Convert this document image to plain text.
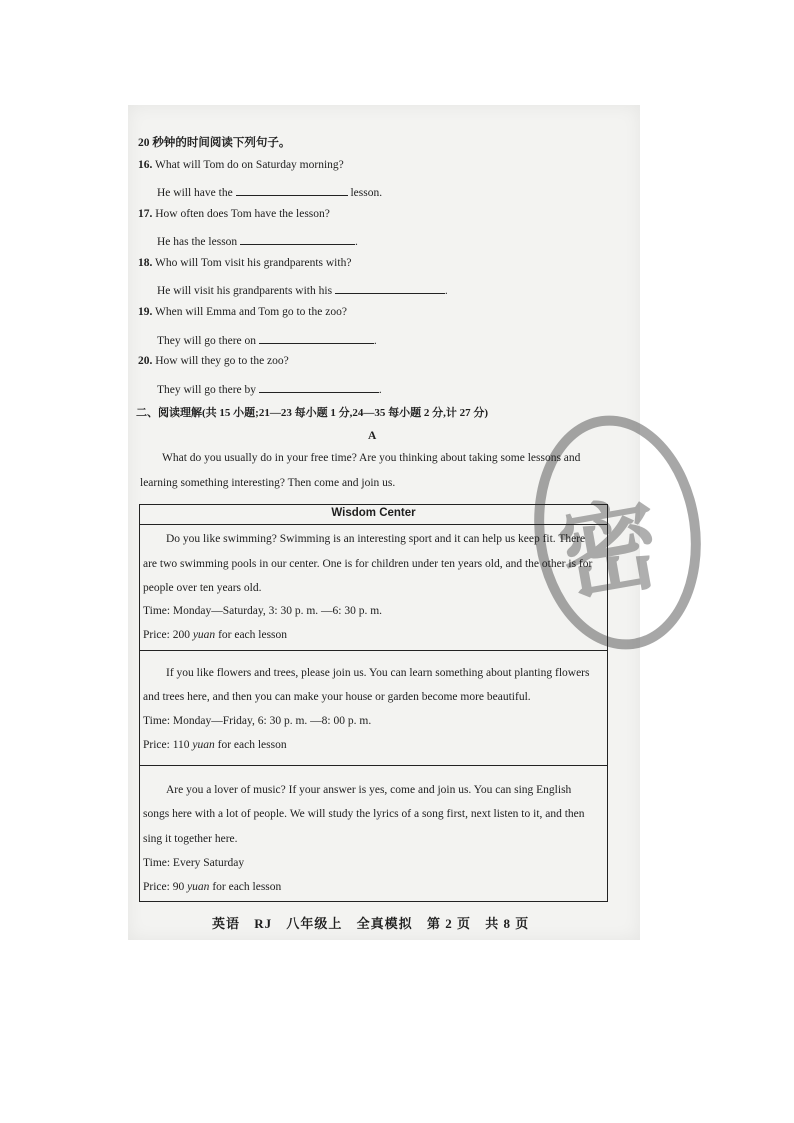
密
20 秒钟的时间阅读下列句子。
16. What will Tom do on Saturday morning?
He will have the	lesson.
17. How often does Tom have the lesson?
He has the lesson	.
18. Who will Tom visit his grandparents with?
He will visit his grandparents with his	.
19. When will Emma and Tom go to the zoo?
They will go there on	.
20. How will they go to the zoo?
They will go there by	.
二、阅读理解(共 15 小题;21—23 每小题 1 分,24—35 每小题 2 分,计 27 分)
What do you usually do in your free time? Are you thinking about taking some lessons and
learning something interesting? Then come and join us.
A
Wisdom Center
Do you like swimming? Swimming is an interesting sport and it can help us keep fit. There
are two swimming pools in our center. One is for children under ten years old, and the other is for
people over ten years old.
Time: Monday—Saturday, 3: 30 p. m. —6: 30 p. m.
Price: 200 yuan for each lesson
If you like flowers and trees, please join us. You can learn something about planting flowers
and trees here, and then you can make your house or garden become more beautiful.
Time: Monday—Friday, 6: 30 p. m. —8: 00 p. m.
Price: 110 yuan for each lesson
Are you a lover of music? If your answer is yes, come and join us. You can sing English
songs here with a lot of people. We will study the lyrics of a song first, next listen to it, and then
sing it together here.
Time: Every Saturday
Price: 90 yuan for each lesson
英语 RJ 八年级上 全真模拟 第 2 页 共 8 页
